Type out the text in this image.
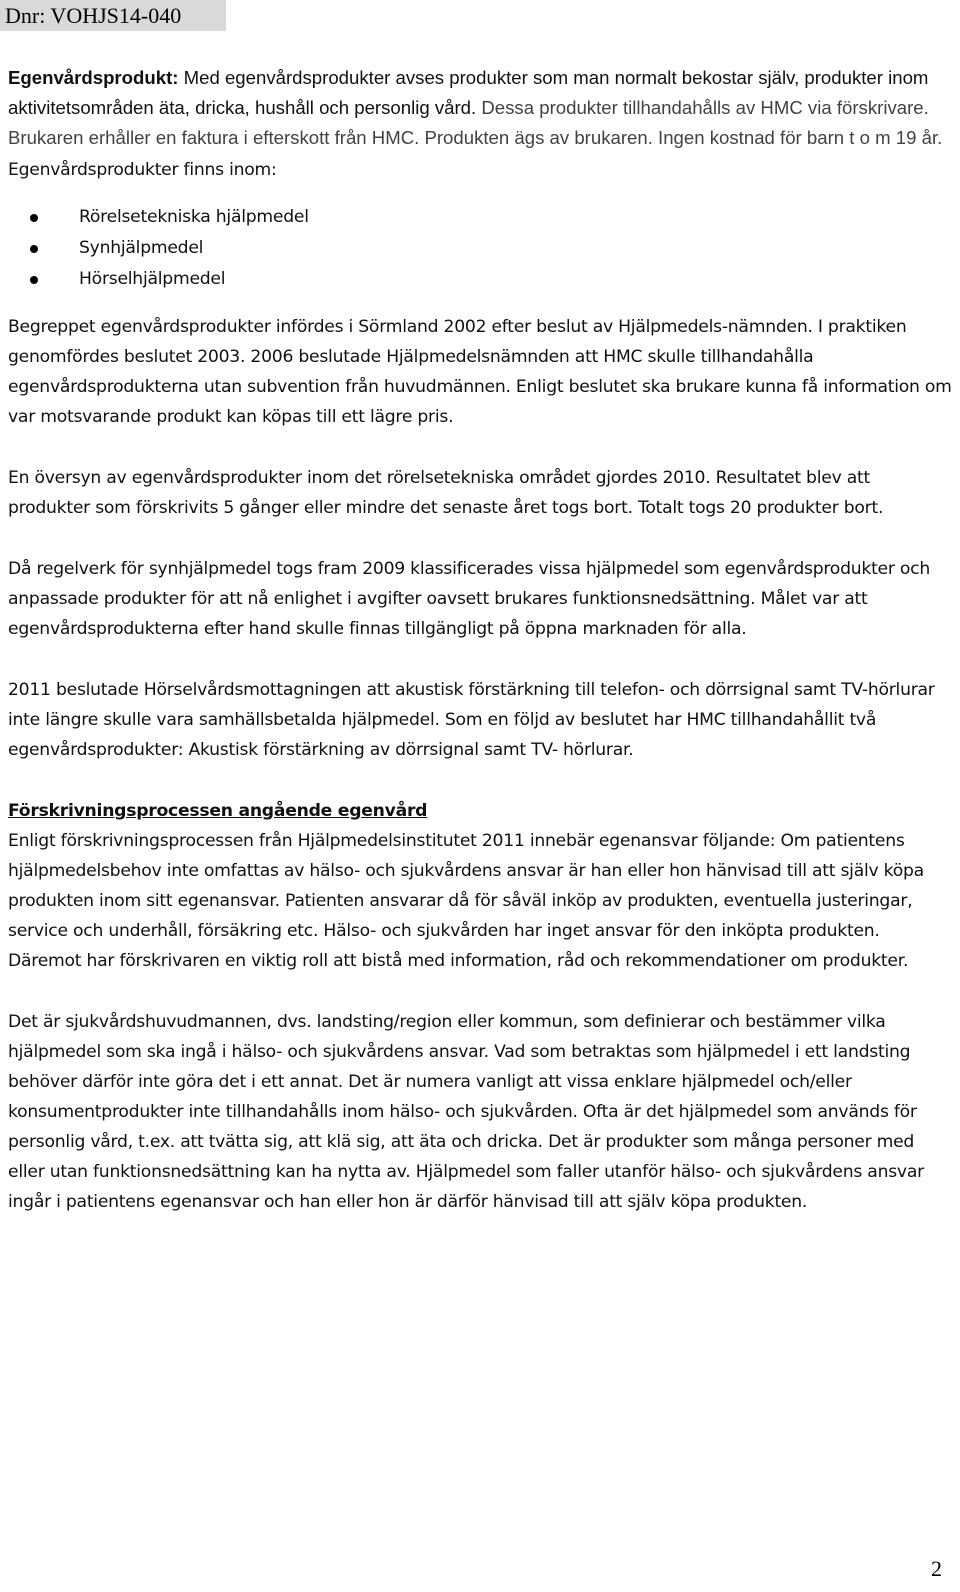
Dnr: VOHJS14-040

Egenvårdsprodukt: Med egenvårdsprodukter avses produkter som man normalt bekostar själv, produkter inom aktivitetsområden äta, dricka, hushåll och personlig vård. Dessa produkter tillhandahålls av HMC via förskrivare. Brukaren erhåller en faktura i efterskott från HMC. Produkten ägs av brukaren. Ingen kostnad för barn t o m 19 år. Egenvårdsprodukter finns inom:

Rörelsetekniska hjälpmedel
Synhjälpmedel
Hörselhjälpmedel

Begreppet egenvårdsprodukter infördes i Sörmland 2002 efter beslut av Hjälpmedels-nämnden. I praktiken genomfördes beslutet 2003. 2006 beslutade Hjälpmedelsnämnden att HMC skulle tillhandahålla egenvårdsprodukterna utan subvention från huvudmännen. Enligt beslutet ska brukare kunna få information om var motsvarande produkt kan köpas till ett lägre pris.

En översyn av egenvårdsprodukter inom det rörelsetekniska området gjordes 2010. Resultatet blev att produkter som förskrivits 5 gånger eller mindre det senaste året togs bort. Totalt togs 20 produkter bort.

Då regelverk för synhjälpmedel togs fram 2009 klassificerades vissa hjälpmedel som egenvårdsprodukter och anpassade produkter för att nå enlighet i avgifter oavsett brukares funktionsnedsättning. Målet var att egenvårdsprodukterna efter hand skulle finnas tillgängligt på öppna marknaden för alla.

2011 beslutade Hörselvårdsmottagningen att akustisk förstärkning till telefon- och dörrsignal samt TV-hörlurar inte längre skulle vara samhällsbetalda hjälpmedel. Som en följd av beslutet har HMC tillhandahållit två egenvårdsprodukter: Akustisk förstärkning av dörrsignal samt TV- hörlurar.

Förskrivningsprocessen angående egenvård

Enligt förskrivningsprocessen från Hjälpmedelsinstitutet 2011 innebär egenansvar följande: Om patientens hjälpmedelsbehov inte omfattas av hälso- och sjukvårdens ansvar är han eller hon hänvisad till att själv köpa produkten inom sitt egenansvar. Patienten ansvarar då för såväl inköp av produkten, eventuella justeringar, service och underhåll, försäkring etc. Hälso- och sjukvården har inget ansvar för den inköpta produkten. Däremot har förskrivaren en viktig roll att bistå med information, råd och rekommendationer om produkter.

Det är sjukvårdshuvudmannen, dvs. landsting/region eller kommun, som definierar och bestämmer vilka hjälpmedel som ska ingå i hälso- och sjukvårdens ansvar. Vad som betraktas som hjälpmedel i ett landsting behöver därför inte göra det i ett annat. Det är numera vanligt att vissa enklare hjälpmedel och/eller konsumentprodukter inte tillhandahålls inom hälso- och sjukvården. Ofta är det hjälpmedel som används för personlig vård, t.ex. att tvätta sig, att klä sig, att äta och dricka. Det är produkter som många personer med eller utan funktionsnedsättning kan ha nytta av. Hjälpmedel som faller utanför hälso- och sjukvårdens ansvar ingår i patientens egenansvar och han eller hon är därför hänvisad till att själv köpa produkten.

2
